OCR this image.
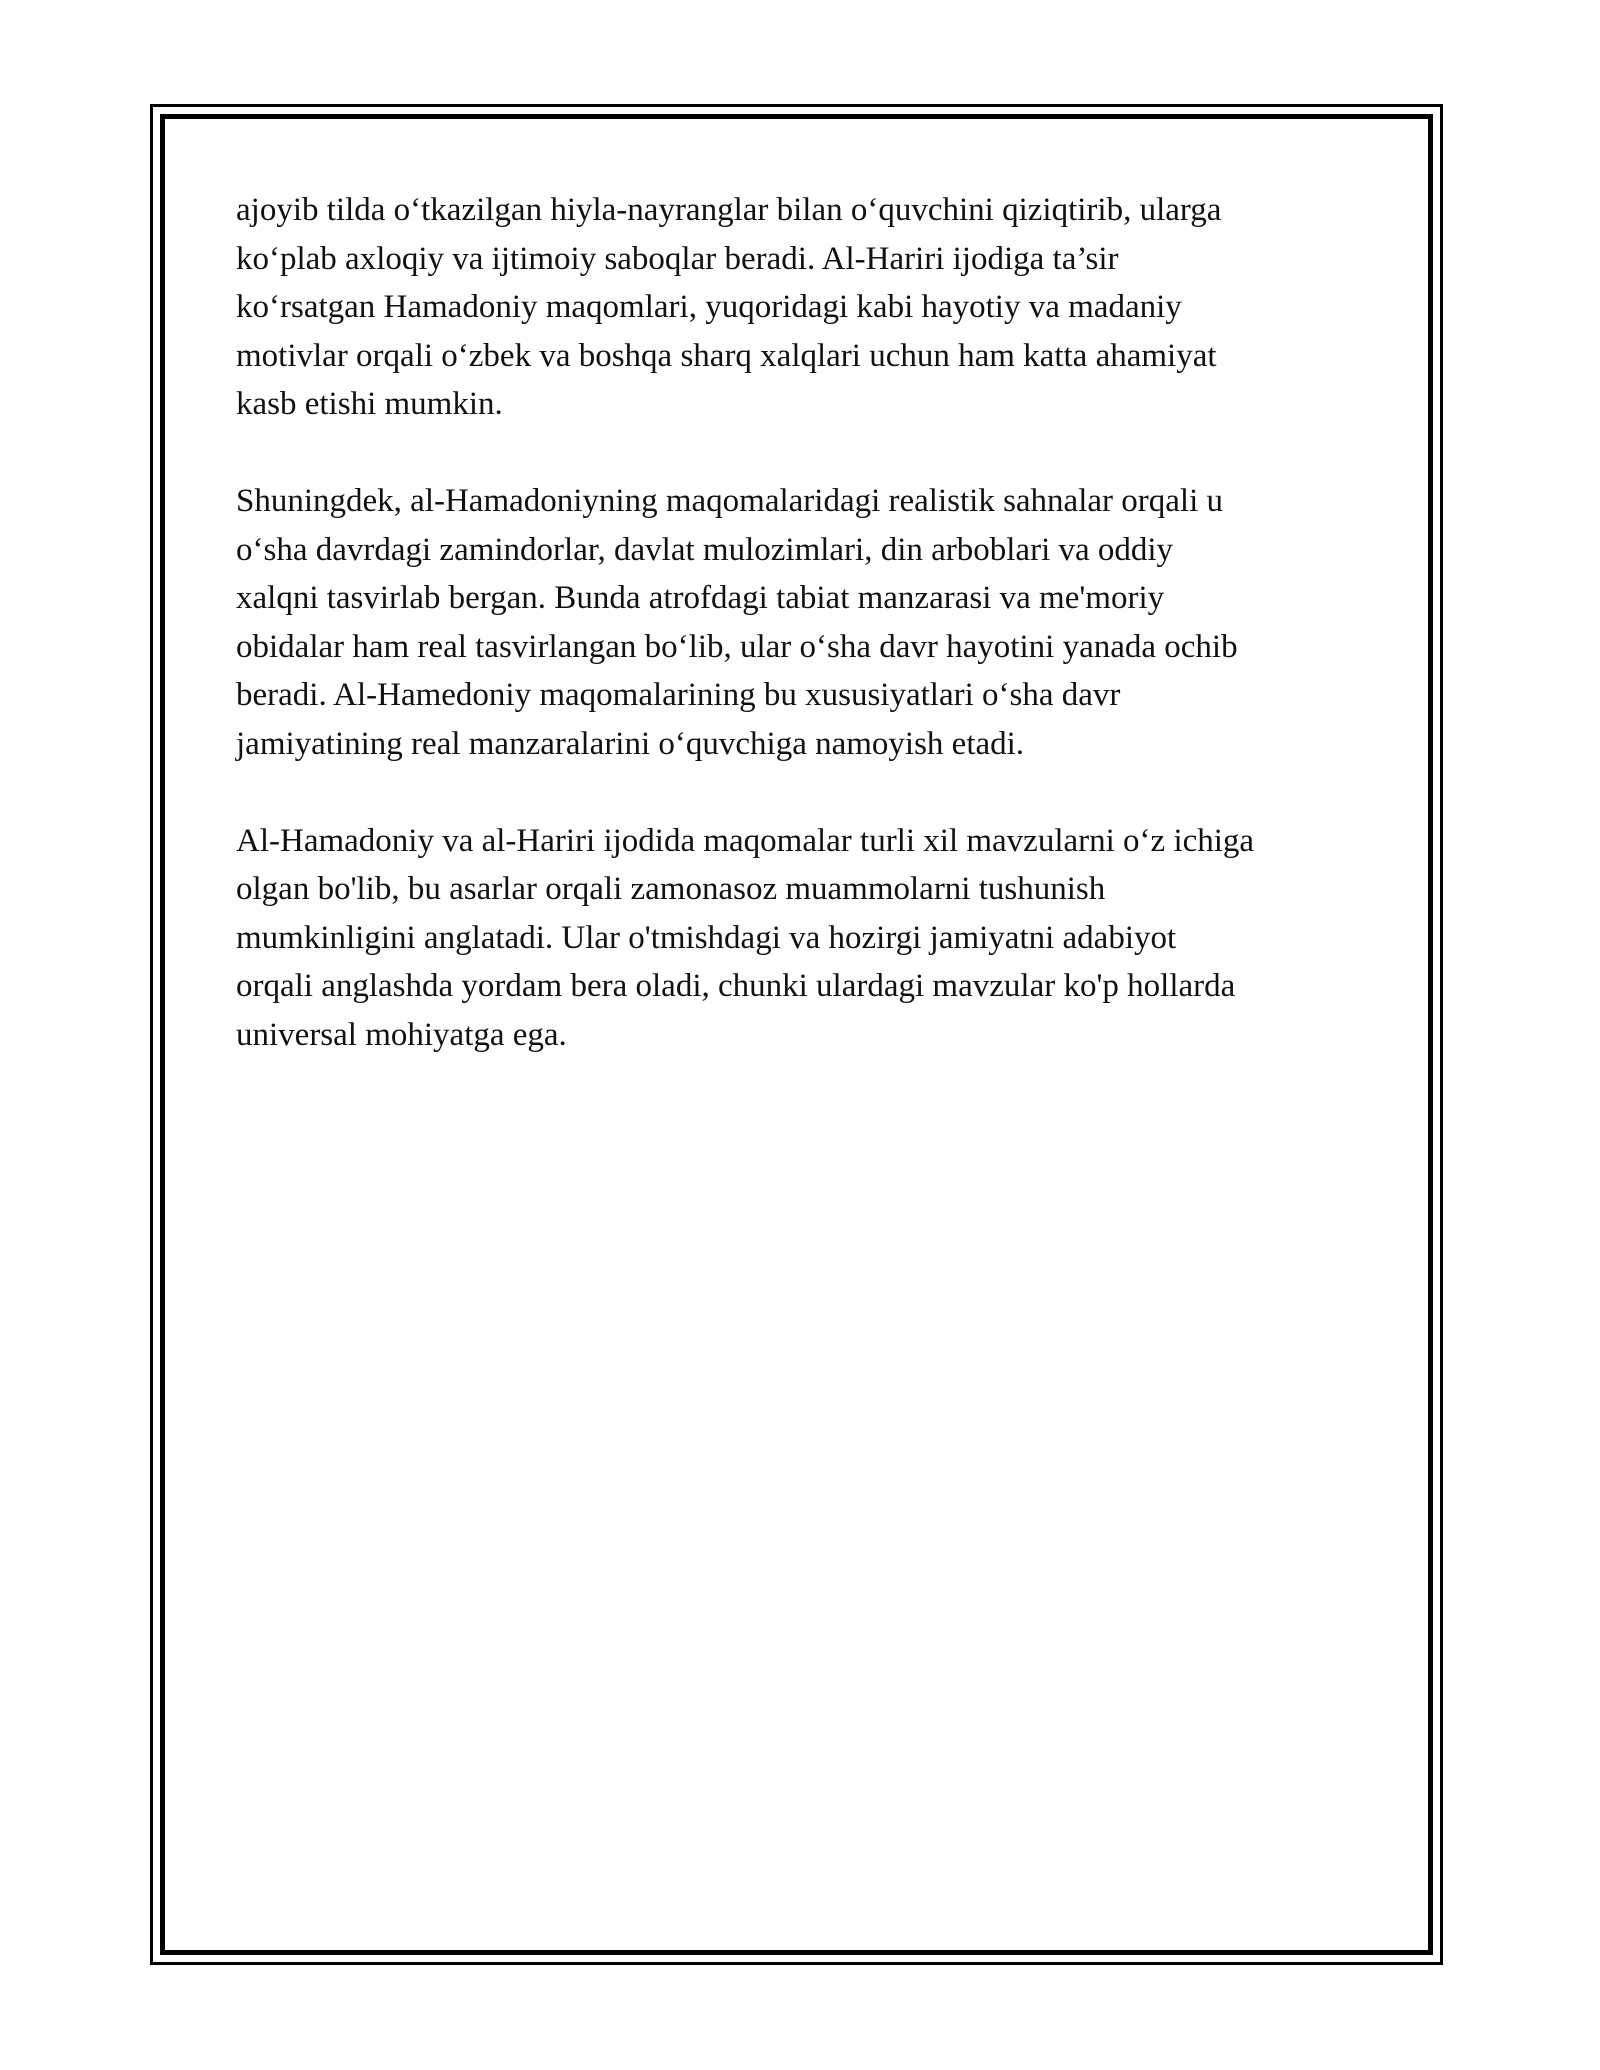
ajoyib tilda o‘tkazilgan hiyla-nayranglar bilan o‘quvchini qiziqtirib, ularga
ko‘plab axloqiy va ijtimoiy saboqlar beradi. Al-Hariri ijodiga ta’sir
ko‘rsatgan Hamadoniy maqomlari, yuqoridagi kabi hayotiy va madaniy
motivlar orqali o‘zbek va boshqa sharq xalqlari uchun ham katta ahamiyat
kasb etishi mumkin.

Shuningdek, al-Hamadoniyning maqomalaridagi realistik sahnalar orqali u
o‘sha davrdagi zamindorlar, davlat mulozimlari, din arboblari va oddiy
xalqni tasvirlab bergan. Bunda atrofdagi tabiat manzarasi va me'moriy
obidalar ham real tasvirlangan bo‘lib, ular o‘sha davr hayotini yanada ochib
beradi. Al-Hamedoniy maqomalarining bu xususiyatlari o‘sha davr
jamiyatining real manzaralarini o‘quvchiga namoyish etadi.

Al-Hamadoniy va al-Hariri ijodida maqomalar turli xil mavzularni o‘z ichiga
olgan bo'lib, bu asarlar orqali zamonasoz muammolarni tushunish
mumkinligini anglatadi. Ular o'tmishdagi va hozirgi jamiyatni adabiyot
orqali anglashda yordam bera oladi, chunki ulardagi mavzular ko'p hollarda
universal mohiyatga ega.
